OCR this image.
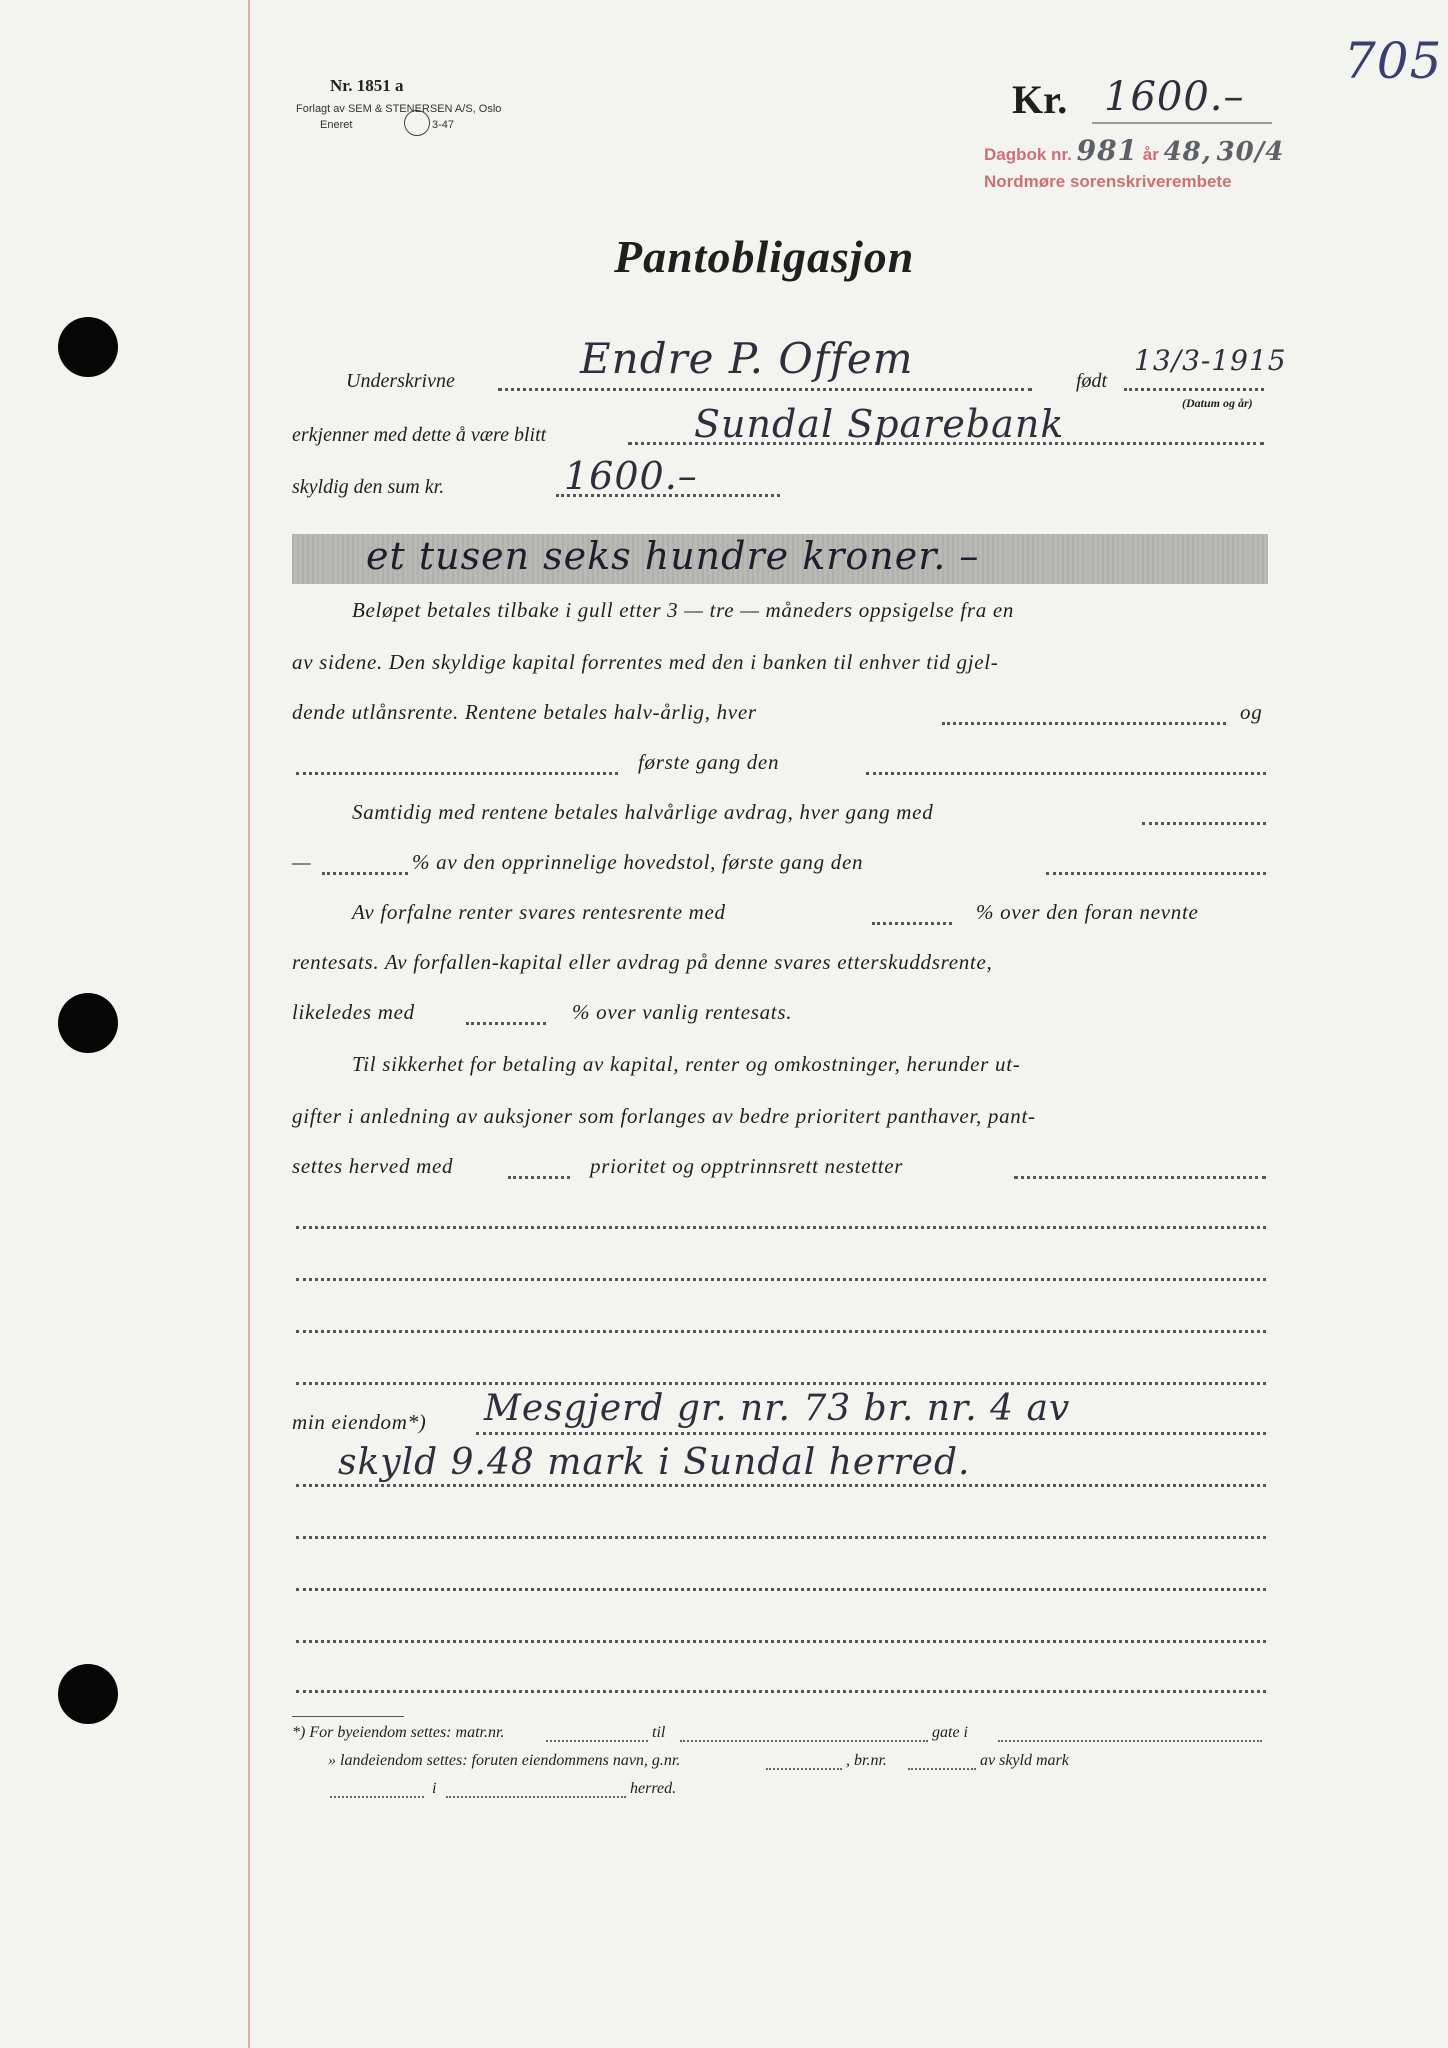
Nr. 1851 a
Forlagt av SEM & STENERSEN A/S, Oslo
Eneret	3-47
705
Kr. 1600.–
Dagbok nr. 981 år 48, 30/4
Nordmøre sorenskriverembete
Pantobligasjon
Underskrivne	Endre P. Offem	født
13/3-1915
(Datum og år)
erkjenner med dette å være blitt	Sundal Sparebank
skyldig den sum kr.	1600.–
et tusen seks hundre kroner. –
Beløpet betales tilbake i gull etter 3 — tre — måneders oppsigelse fra en
av sidene. Den skyldige kapital forrentes med den i banken til enhver tid gjel-
dende utlånsrente. Rentene betales halv-årlig, hver	og
første gang den
Samtidig med rentene betales halvårlige avdrag, hver gang med
—	% av den opprinnelige hovedstol, første gang den
Av forfalne renter svares rentesrente med	% over den foran nevnte
rentesats. Av forfallen-kapital eller avdrag på denne svares etterskuddsrente,
likeledes med	% over vanlig rentesats.
Til sikkerhet for betaling av kapital, renter og omkostninger, herunder ut-
gifter i anledning av auksjoner som forlanges av bedre prioritert panthaver, pant-
settes herved med	prioritet og opptrinnsrett nestetter
min eiendom*) Mesgjerd gr. nr. 73 br. nr. 4 av
skyld 9.48 mark i Sundal herred.
*) For byeiendom settes: matr.nr.	til	gate i
» landeiendom settes: foruten eiendommens navn, g.nr.	, br.nr.	av skyld mark
i	herred.
